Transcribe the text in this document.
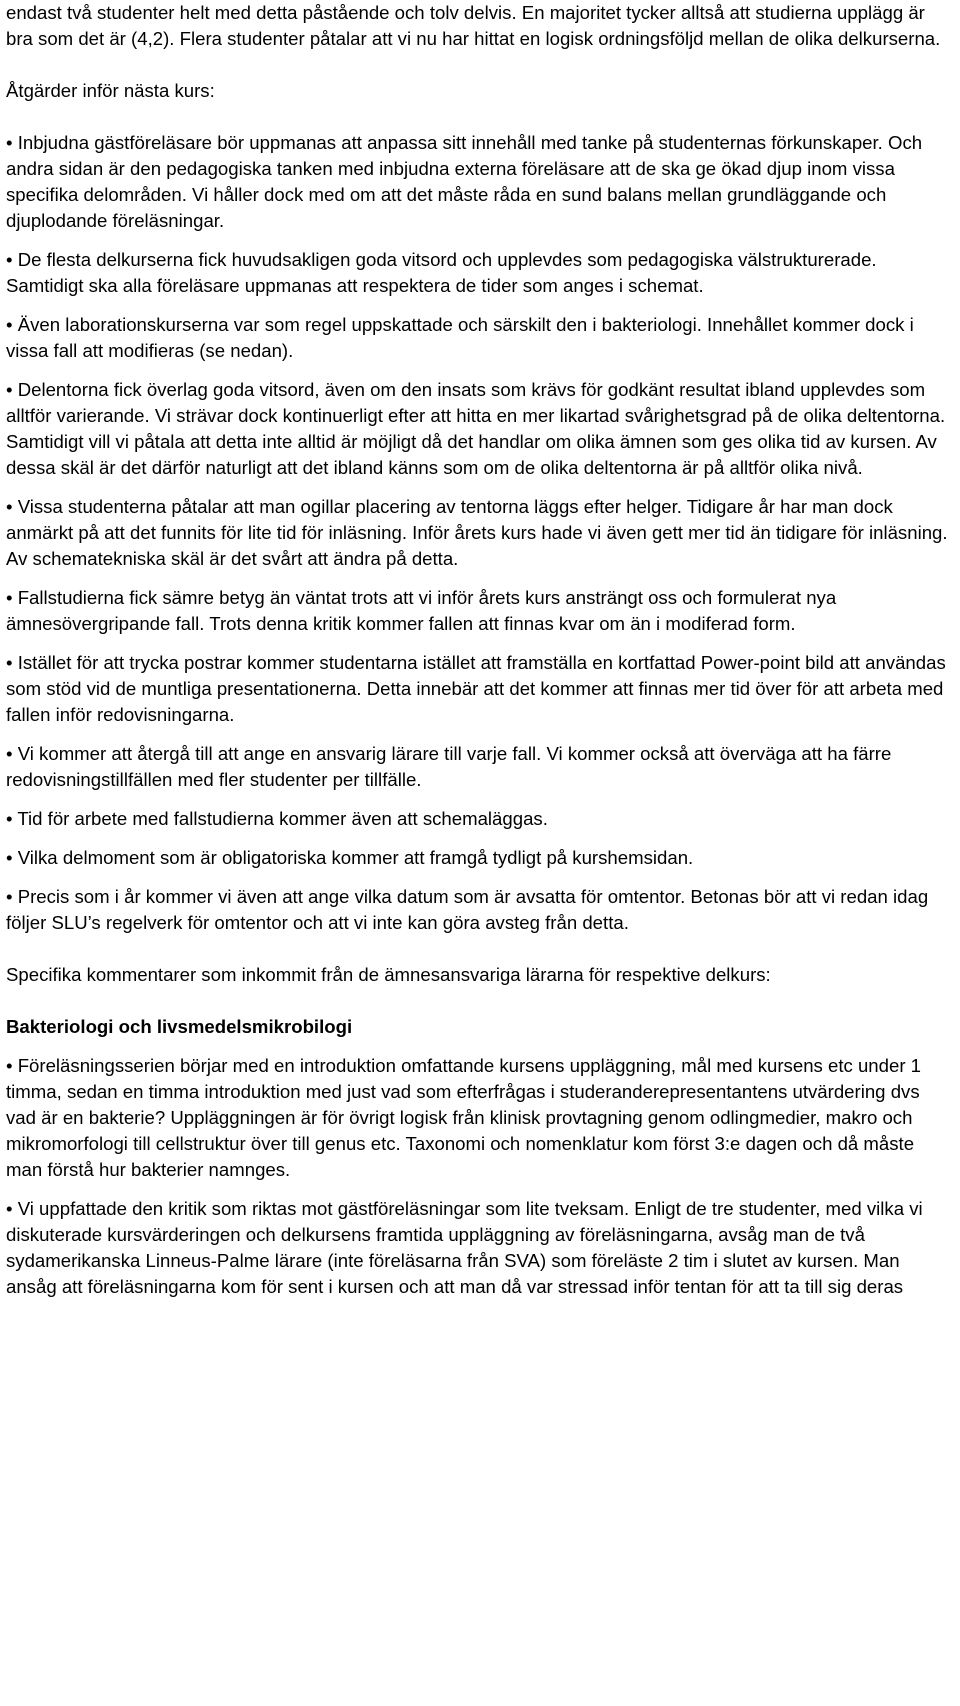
endast två studenter helt med detta påstående och tolv delvis. En majoritet tycker alltså att studierna upplägg är bra som det är (4,2). Flera studenter påtalar att vi nu har hittat en logisk ordningsföljd mellan de olika delkurserna.

Åtgärder inför nästa kurs:

• Inbjudna gästföreläsare bör uppmanas att anpassa sitt innehåll med tanke på studenternas förkunskaper. Och andra sidan är den pedagogiska tanken med inbjudna externa föreläsare att de ska ge ökad djup inom vissa specifika delområden. Vi håller dock med om att det måste råda en sund balans mellan grundläggande och djuplodande föreläsningar.

• De flesta delkurserna fick huvudsakligen goda vitsord och upplevdes som pedagogiska välstrukturerade. Samtidigt ska alla föreläsare uppmanas att respektera de tider som anges i schemat.

• Även laborationskurserna var som regel uppskattade och särskilt den i bakteriologi. Innehållet kommer dock i vissa fall att modifieras (se nedan).

• Delentorna fick överlag goda vitsord, även om den insats som krävs för godkänt resultat ibland upplevdes som alltför varierande. Vi strävar dock kontinuerligt efter att hitta en mer likartad svårighetsgrad på de olika deltentorna. Samtidigt vill vi påtala att detta inte alltid är möjligt då det handlar om olika ämnen som ges olika tid av kursen. Av dessa skäl är det därför naturligt att det ibland känns som om de olika deltentorna är på alltför olika nivå.

• Vissa studenterna påtalar att man ogillar placering av tentorna läggs efter helger. Tidigare år har man dock anmärkt på att det funnits för lite tid för inläsning. Inför årets kurs hade vi även gett mer tid än tidigare för inläsning. Av schematekniska skäl är det svårt att ändra på detta.

• Fallstudierna fick sämre betyg än väntat trots att vi inför årets kurs ansträngt oss och formulerat nya ämnesövergripande fall. Trots denna kritik kommer fallen att finnas kvar om än i modiferad form.

• Istället för att trycka postrar kommer studentarna istället att framställa en kortfattad Power-point bild att användas som stöd vid de muntliga presentationerna. Detta innebär att det kommer att finnas mer tid över för att arbeta med fallen inför redovisningarna.

• Vi kommer att återgå till att ange en ansvarig lärare till varje fall. Vi kommer också att överväga att ha färre redovisningstillfällen med fler studenter per tillfälle.

• Tid för arbete med fallstudierna kommer även att schemaläggas.

• Vilka delmoment som är obligatoriska kommer att framgå tydligt på kurshemsidan.

• Precis som i år kommer vi även att ange vilka datum som är avsatta för omtentor. Betonas bör att vi redan idag följer SLU’s regelverk för omtentor och att vi inte kan göra avsteg från detta.

Specifika kommentarer som inkommit från de ämnesansvariga lärarna för respektive delkurs:

Bakteriologi och livsmedelsmikrobilogi

• Föreläsningsserien börjar med en introduktion omfattande kursens uppläggning, mål med kursens etc under 1 timma, sedan en timma introduktion med just vad som efterfrågas i studeranderepresentantens utvärdering dvs vad är en bakterie? Uppläggningen är för övrigt logisk från klinisk provtagning genom odlingmedier, makro och mikromorfologi till cellstruktur över till genus etc. Taxonomi och nomenklatur kom först 3:e dagen och då måste man förstå hur bakterier namnges.

• Vi uppfattade den kritik som riktas mot gästföreläsningar som lite tveksam. Enligt de tre studenter, med vilka vi diskuterade kursvärderingen och delkursens framtida uppläggning av föreläsningarna, avsåg man de två sydamerikanska Linneus-Palme lärare (inte föreläsarna från SVA) som föreläste 2 tim i slutet av kursen. Man ansåg att föreläsningarna kom för sent i kursen och att man då var stressad inför tentan för att ta till sig deras
